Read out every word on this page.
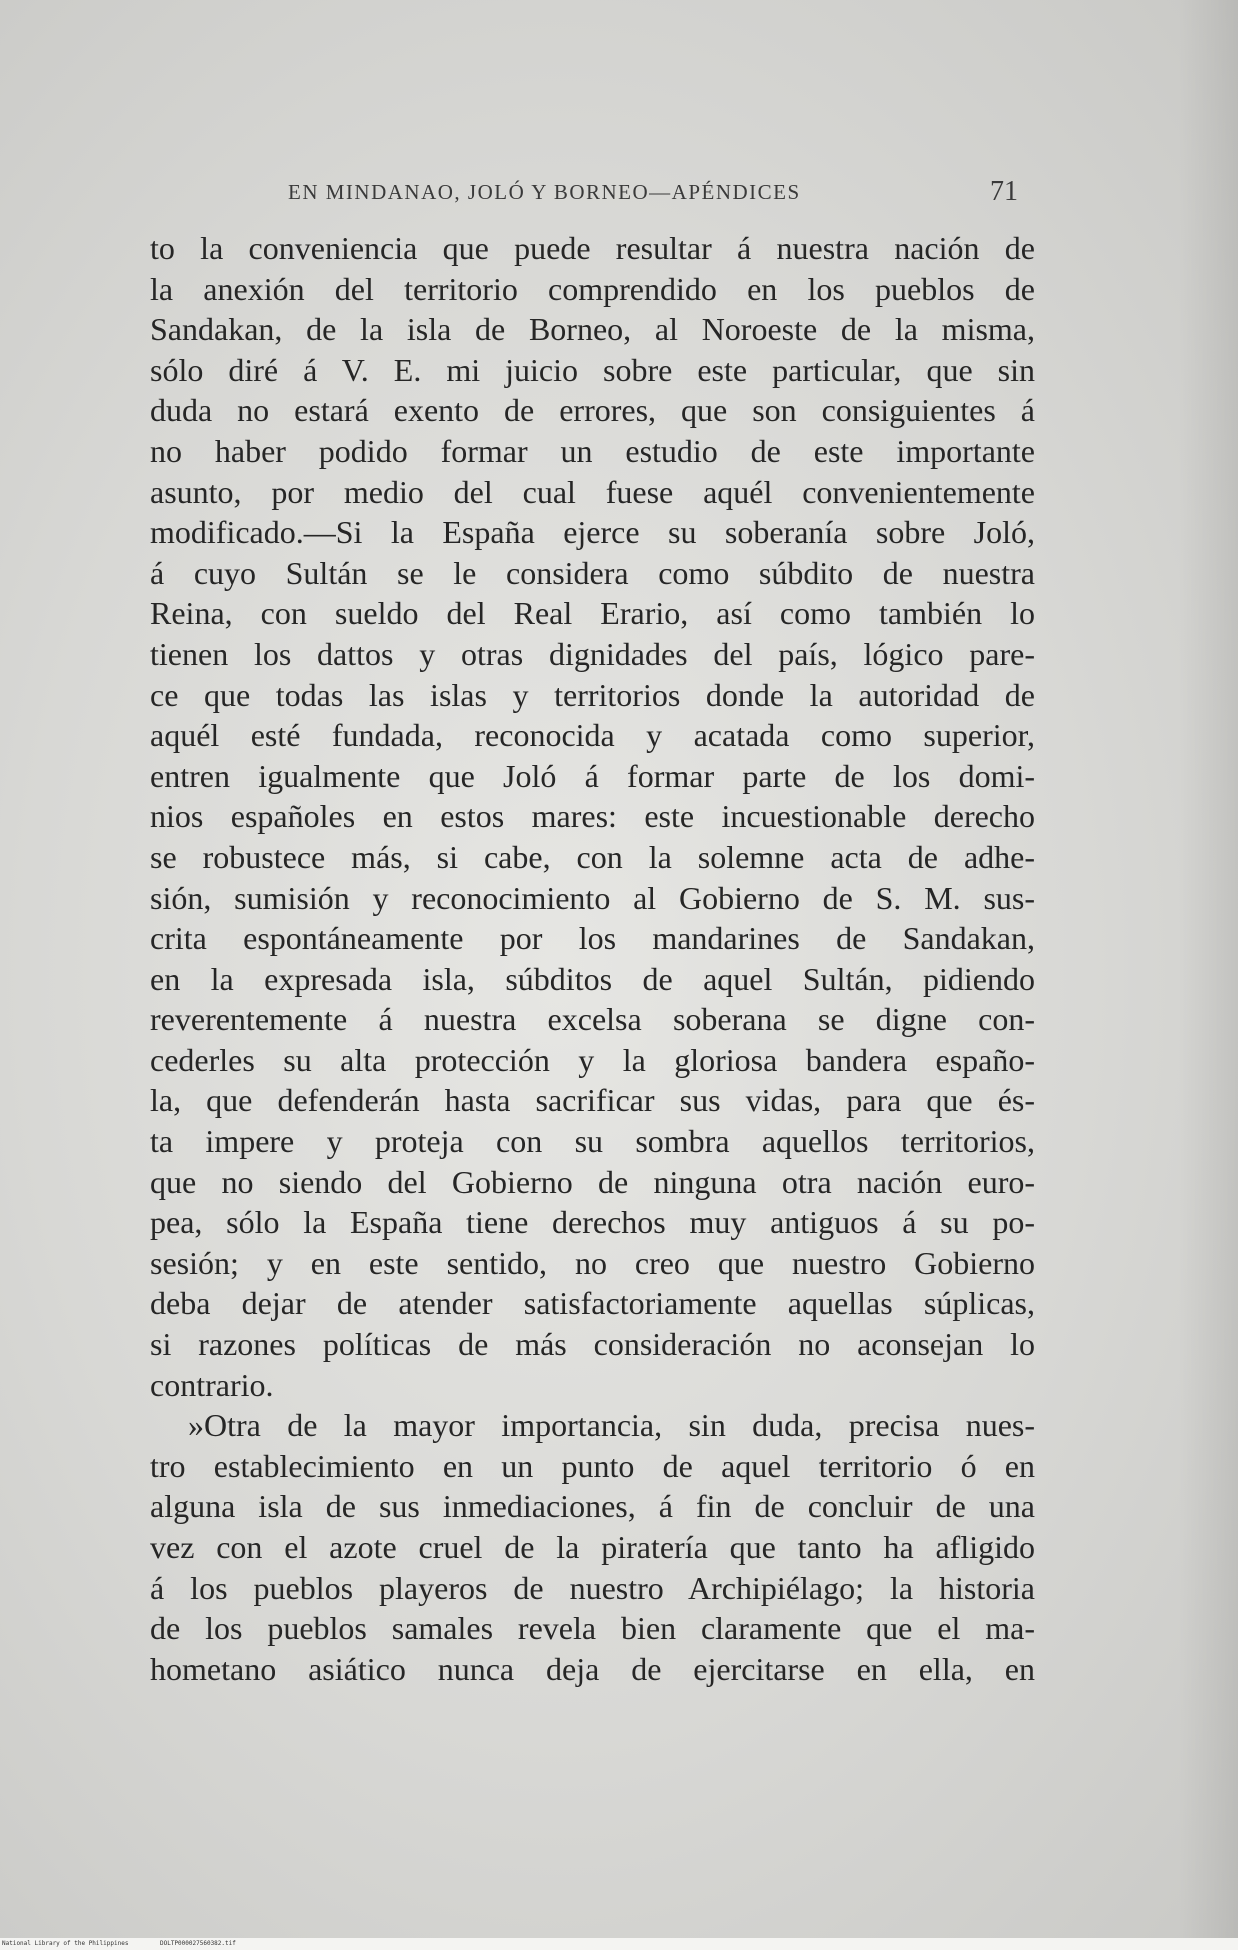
EN MINDANAO, JOLÓ Y BORNEO—APÉNDICES	71
to la conveniencia que puede resultar á nuestra nación de
la anexión del territorio comprendido en los pueblos de
Sandakan, de la isla de Borneo, al Noroeste de la misma,
sólo diré á V. E. mi juicio sobre este particular, que sin
duda no estará exento de errores, que son consiguientes á
no haber podido formar un estudio de este importante
asunto, por medio del cual fuese aquél convenientemente
modificado.—Si la España ejerce su soberanía sobre Joló,
á cuyo Sultán se le considera como súbdito de nuestra
Reina, con sueldo del Real Erario, así como también lo
tienen los dattos y otras dignidades del país, lógico pare-
ce que todas las islas y territorios donde la autoridad de
aquél esté fundada, reconocida y acatada como superior,
entren igualmente que Joló á formar parte de los domi-
nios españoles en estos mares: este incuestionable derecho
se robustece más, si cabe, con la solemne acta de adhe-
sión, sumisión y reconocimiento al Gobierno de S. M. sus-
crita espontáneamente por los mandarines de Sandakan,
en la expresada isla, súbditos de aquel Sultán, pidiendo
reverentemente á nuestra excelsa soberana se digne con-
cederles su alta protección y la gloriosa bandera españo-
la, que defenderán hasta sacrificar sus vidas, para que és-
ta impere y proteja con su sombra aquellos territorios,
que no siendo del Gobierno de ninguna otra nación euro-
pea, sólo la España tiene derechos muy antiguos á su po-
sesión; y en este sentido, no creo que nuestro Gobierno
deba dejar de atender satisfactoriamente aquellas súplicas,
si razones políticas de más consideración no aconsejan lo
contrario.
»Otra de la mayor importancia, sin duda, precisa nues-
tro establecimiento en un punto de aquel territorio ó en
alguna isla de sus inmediaciones, á fin de concluir de una
vez con el azote cruel de la piratería que tanto ha afligido
á los pueblos playeros de nuestro Archipiélago; la historia
de los pueblos samales revela bien claramente que el ma-
hometano asiático nunca deja de ejercitarse en ella, en
National Library of the Philippines	DOLTP000027560382.tif
